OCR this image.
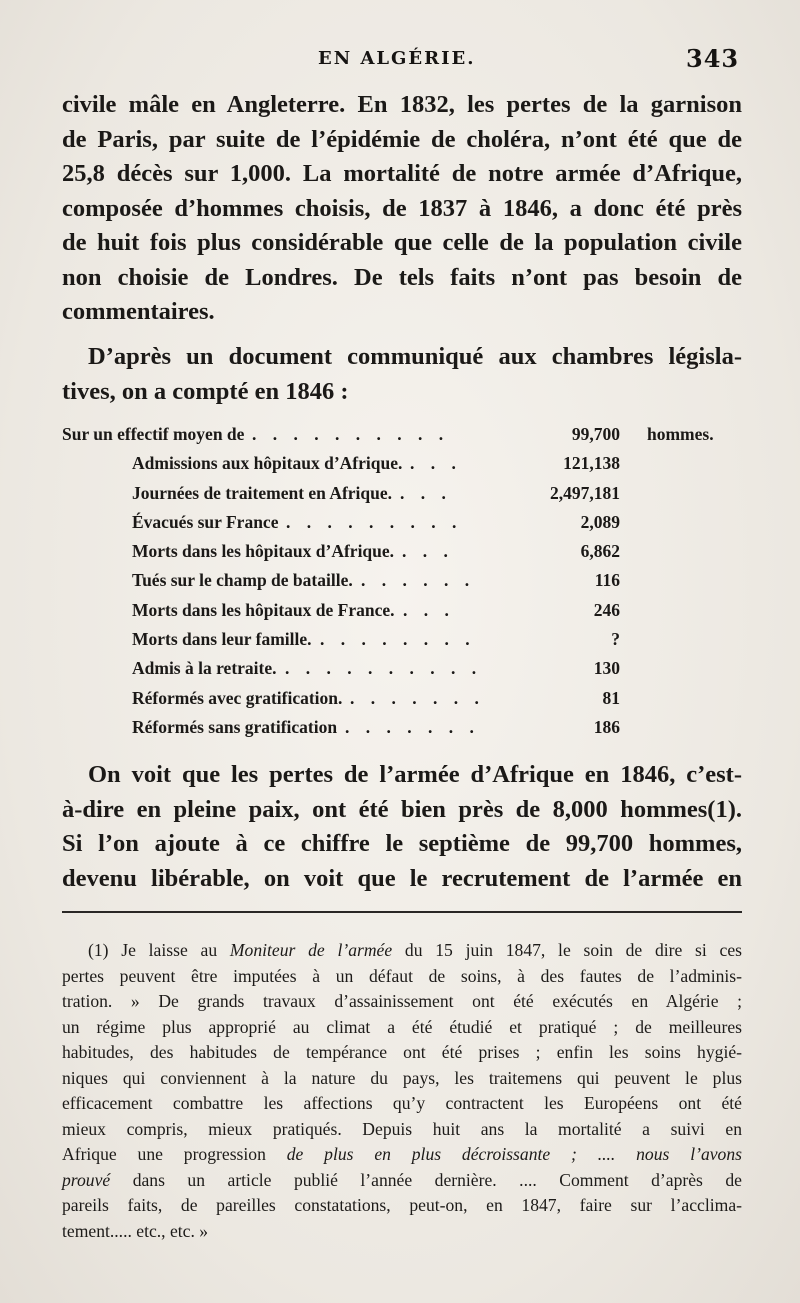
EN ALGÉRIE.	343
civile mâle en Angleterre. En 1832, les pertes de la garnison
de Paris, par suite de l’épidémie de choléra, n’ont été que de
25,8 décès sur 1,000. La mortalité de notre armée d’Afrique,
composée d’hommes choisis, de 1837 à 1846, a donc été près
de huit fois plus considérable que celle de la population civile
non choisie de Londres. De tels faits n’ont pas besoin de
commentaires.
D’après un document communiqué aux chambres législa-
tives, on a compté en 1846 :
Sur un effectif moyen de . . . . . . . . . .	99,700 hommes.
Admissions aux hôpitaux d’Afrique. . . .	121,138
Journées de traitement en Afrique. . . .	2,497,181
Évacués sur France . . . . . . . . .	2,089
Morts dans les hôpitaux d’Afrique. . . .	6,862
Tués sur le champ de bataille. . . . . . .	116
Morts dans les hôpitaux de France. . . .	246
Morts dans leur famille. . . . . . . . .	?
Admis à la retraite. . . . . . . . . . .	130
Réformés avec gratification. . . . . . . .	81
Réformés sans gratification . . . . . . .	186
On voit que les pertes de l’armée d’Afrique en 1846, c’est-
à-dire en pleine paix, ont été bien près de 8,000 hommes(1).
Si l’on ajoute à ce chiffre le septième de 99,700 hommes,
devenu libérable, on voit que le recrutement de l’armée en
(1) Je laisse au Moniteur de l’armée du 15 juin 1847, le soin de dire si ces
pertes peuvent être imputées à un défaut de soins, à des fautes de l’adminis-
tration. » De grands travaux d’assainissement ont été exécutés en Algérie ;
un régime plus approprié au climat a été étudié et pratiqué ; de meilleures
habitudes, des habitudes de tempérance ont été prises ; enfin les soins hygié-
niques qui conviennent à la nature du pays, les traitemens qui peuvent le plus
efficacement combattre les affections qu’y contractent les Européens ont été
mieux compris, mieux pratiqués. Depuis huit ans la mortalité a suivi en
Afrique une progression de plus en plus décroissante ; .... nous l’avons
prouvé dans un article publié l’année dernière. .... Comment d’après de
pareils faits, de pareilles constatations, peut-on, en 1847, faire sur l’acclima-
tement..... etc., etc. »
